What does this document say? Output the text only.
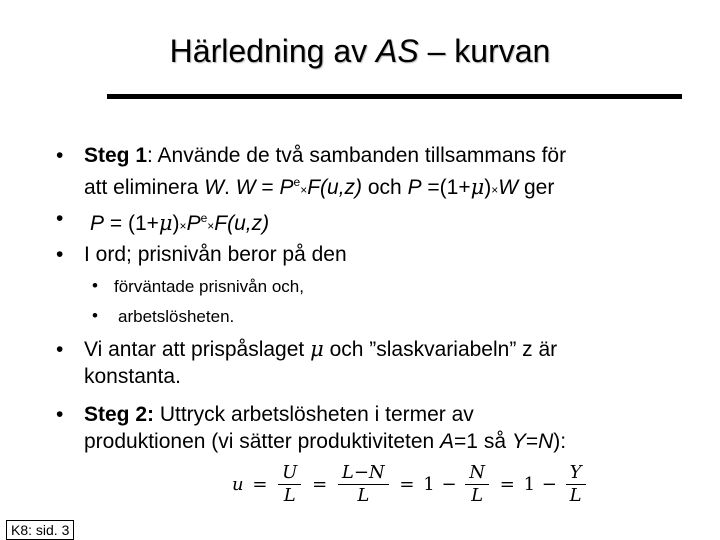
Härledning av AS – kurvan
• Steg 1: Använde de två sambanden tillsammans för
att eliminera W. $W = P^e\times F(u,z)$ och P =(1+μ)×W ger
• $P = (1+\mu)\times P^e\times F(u,z)$
• I ord; prisnivån beror på den
• förväntade prisnivån och,
• arbetslösheten.
• Vi antar att prispåslaget μ och ”slaskvariabeln” z är
konstanta.
• Steg 2: Uttryck arbetslösheten i termer av
produktionen (vi sätter produktiviteten A=1 så Y=N):
$u = \frac{U}{L} = \frac{L-N}{L} = 1 - \frac{N}{L} = 1 - \frac{Y}{L}$
K8: sid. 3
